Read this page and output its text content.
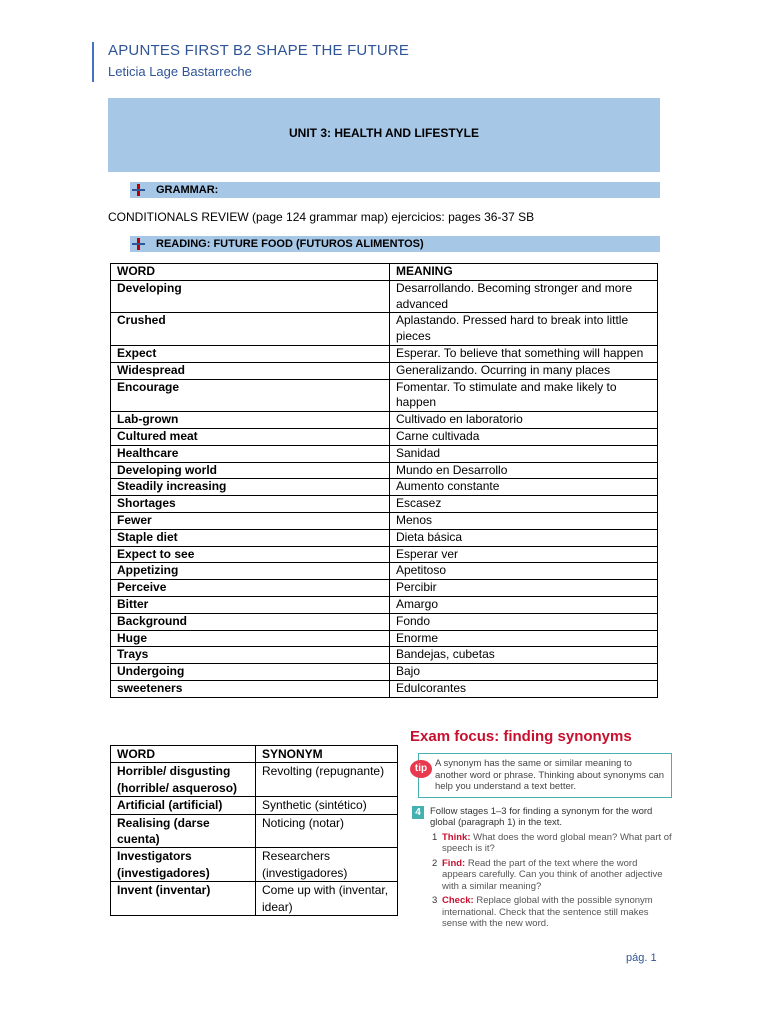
APUNTES FIRST B2 SHAPE THE FUTURE
Leticia Lage Bastarreche
UNIT 3: HEALTH AND LIFESTYLE
GRAMMAR:
CONDITIONALS REVIEW (page 124 grammar map) ejercicios: pages 36-37 SB
READING: FUTURE FOOD (FUTUROS ALIMENTOS)
WORD	MEANING
Developing	Desarrollando. Becoming stronger and more advanced
Crushed	Aplastando. Pressed hard to break into little pieces
Expect	Esperar. To believe that something will happen
Widespread	Generalizando. Ocurring in many places
Encourage	Fomentar. To stimulate and make likely to happen
Lab-grown	Cultivado en laboratorio
Cultured meat	Carne cultivada
Healthcare	Sanidad
Developing world	Mundo en Desarrollo
Steadily increasing	Aumento constante
Shortages	Escasez
Fewer	Menos
Staple diet	Dieta básica
Expect to see	Esperar ver
Appetizing	Apetitoso
Perceive	Percibir
Bitter	Amargo
Background	Fondo
Huge	Enorme
Trays	Bandejas, cubetas
Undergoing	Bajo
sweeteners	Edulcorantes
WORD	SYNONYM
Horrible/ disgusting (horrible/ asqueroso)	Revolting (repugnante)
Artificial (artificial)	Synthetic (sintético)
Realising (darse cuenta)	Noticing (notar)
Investigators (investigadores)	Researchers (investigadores)
Invent (inventar)	Come up with (inventar, idear)
Exam focus: finding synonyms
tip A synonym has the same or similar meaning to another word or phrase. Thinking about synonyms can help you understand a text better.
4 Follow stages 1–3 for finding a synonym for the word global (paragraph 1) in the text.
1 Think: What does the word global mean? What part of speech is it?
2 Find: Read the part of the text where the word appears carefully. Can you think of another adjective with a similar meaning?
3 Check: Replace global with the possible synonym international. Check that the sentence still makes sense with the new word.
pág. 1
